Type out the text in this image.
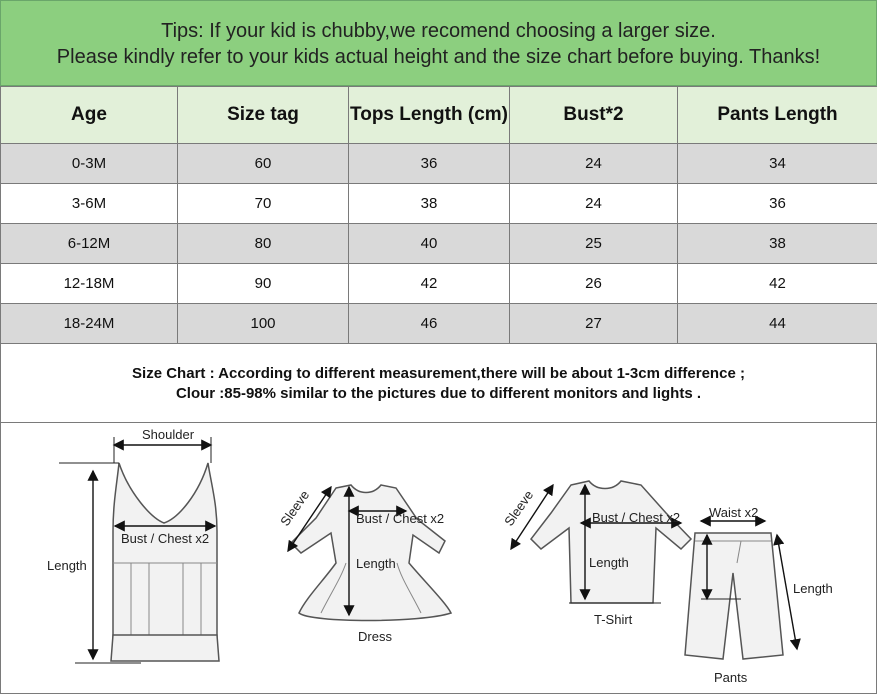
Tips: If your kid is chubby,we recomend choosing a larger size.
Please kindly refer to your kids actual height and the size chart before buying. Thanks!
Age	Size tag	Tops Length (cm)	Bust*2	Pants Length
0-3M	60	36	24	34
3-6M	70	38	24	36
6-12M	80	40	25	38
12-18M	90	42	26	42
18-24M	100	46	27	44
Size Chart : According to different measurement,there will be about 1-3cm difference ;
Clour :85-98% similar to the pictures due to different monitors and lights .
Shoulder
Bust / Chest x2
Length
Sleeve	Bust / Chest x2
Length
Dress
Sleeve	Bust / Chest x2
Length
T-Shirt
Waist x2
Length
Pants
